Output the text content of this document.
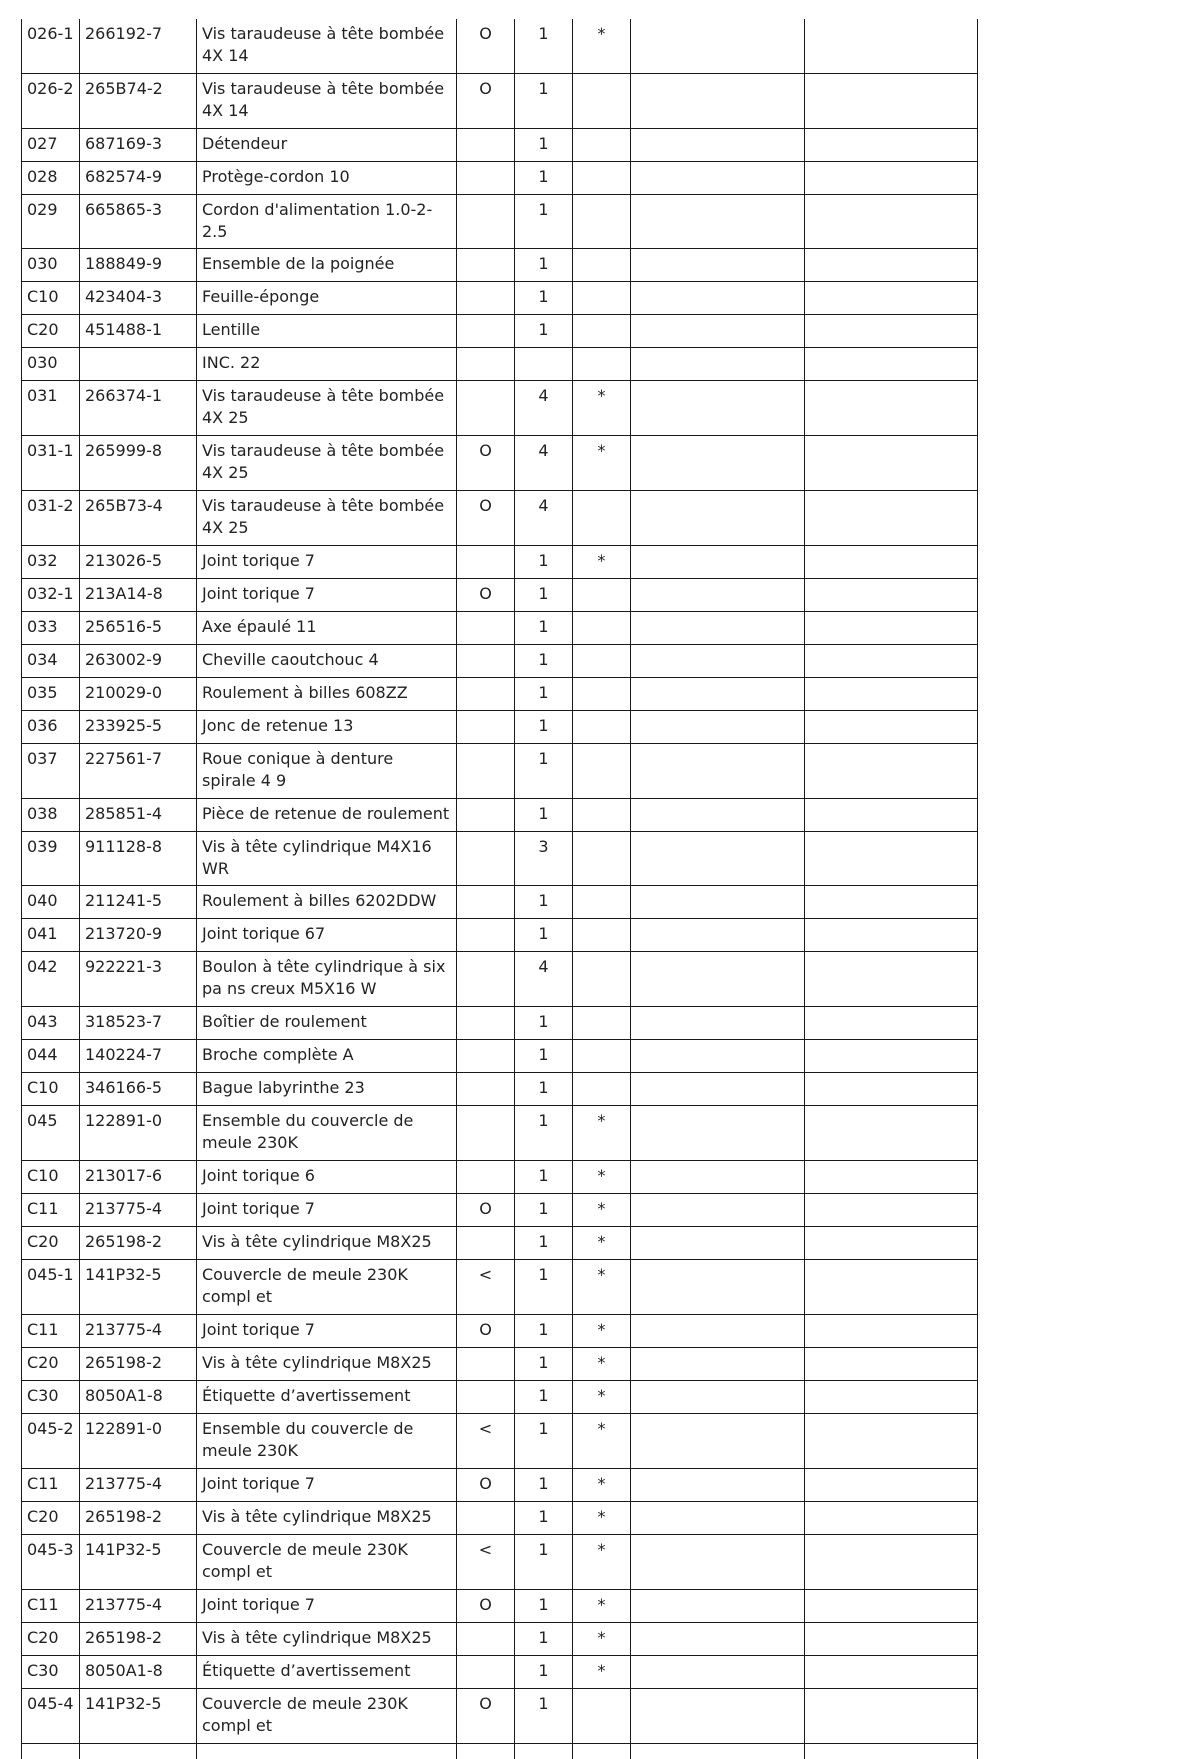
026-1	266192-7	Vis taraudeuse à tête bombée 4X 14	O	1	*		
026-2	265B74-2	Vis taraudeuse à tête bombée 4X 14	O	1			
027	687169-3	Détendeur		1			
028	682574-9	Protège-cordon 10		1			
029	665865-3	Cordon d'alimentation 1.0-2-2.5		1			
030	188849-9	Ensemble de la poignée		1			
C10	423404-3	Feuille-éponge		1			
C20	451488-1	Lentille		1			
030		INC. 22					
031	266374-1	Vis taraudeuse à tête bombée 4X 25		4	*		
031-1	265999-8	Vis taraudeuse à tête bombée 4X 25	O	4	*		
031-2	265B73-4	Vis taraudeuse à tête bombée 4X 25	O	4			
032	213026-5	Joint torique 7		1	*		
032-1	213A14-8	Joint torique 7	O	1			
033	256516-5	Axe épaulé 11		1			
034	263002-9	Cheville caoutchouc 4		1			
035	210029-0	Roulement à billes 608ZZ		1			
036	233925-5	Jonc de retenue 13		1			
037	227561-7	Roue conique à denture spirale 4 9		1			
038	285851-4	Pièce de retenue de roulement		1			
039	911128-8	Vis à tête cylindrique M4X16 WR		3			
040	211241-5	Roulement à billes 6202DDW		1			
041	213720-9	Joint torique 67		1			
042	922221-3	Boulon à tête cylindrique à six pa ns creux M5X16 W		4			
043	318523-7	Boîtier de roulement		1			
044	140224-7	Broche complète A		1			
C10	346166-5	Bague labyrinthe 23		1			
045	122891-0	Ensemble du couvercle de meule 230K		1	*		
C10	213017-6	Joint torique 6		1	*		
C11	213775-4	Joint torique 7	O	1	*		
C20	265198-2	Vis à tête cylindrique M8X25		1	*		
045-1	141P32-5	Couvercle de meule 230K compl et	<	1	*		
C11	213775-4	Joint torique 7	O	1	*		
C20	265198-2	Vis à tête cylindrique M8X25		1	*		
C30	8050A1-8	Étiquette d’avertissement		1	*		
045-2	122891-0	Ensemble du couvercle de meule 230K	<	1	*		
C11	213775-4	Joint torique 7	O	1	*		
C20	265198-2	Vis à tête cylindrique M8X25		1	*		
045-3	141P32-5	Couvercle de meule 230K compl et	<	1	*		
C11	213775-4	Joint torique 7	O	1	*		
C20	265198-2	Vis à tête cylindrique M8X25		1	*		
C30	8050A1-8	Étiquette d’avertissement		1	*		
045-4	141P32-5	Couvercle de meule 230K compl et	O	1			
